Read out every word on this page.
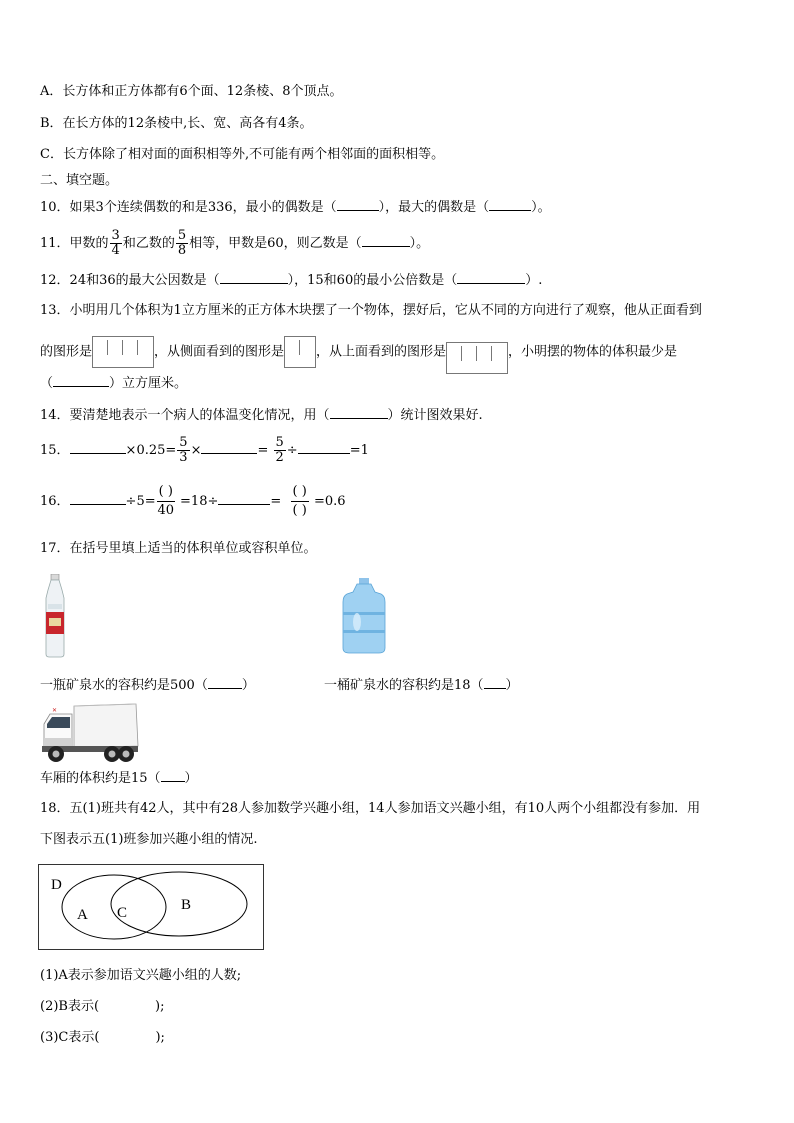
A．长方体和正方体都有6个面、12条棱、8个顶点。
B．在长方体的12条棱中,长、宽、高各有4条。
C．长方体除了相对面的面积相等外,不可能有两个相邻面的面积相等。
二、填空题。
10．如果3个连续偶数的和是336，最小的偶数是（	），最大的偶数是（	）。
11．甲数的 $\frac{3}{4}$ 和乙数的 $\frac{5}{8}$ 相等，甲数是60，则乙数是（	）。
12．24和36的最大公因数是（	），15和60的最小公倍数是（	）.
13．小明用几个体积为1立方厘米的正方体木块摆了一个物体，摆好后，它从不同的方向进行了观察，他从正面看到
的图形是	，从侧面看到的图形是 ，从上面看到的图形是	，小明摆的物体的体积最少是
（	）立方厘米。
14．要清楚地表示一个病人的体温变化情况，用（	）统计图效果好.
15．	$\times 0.25= \frac{5}{3}$ ×	= $\frac{5}{2}$ ÷	=1
16．	$\div 5= \frac{( )}{40} =18\div$	= $\frac{( )}{( )} =0.6$
17．在括号里填上适当的体积单位或容积单位。
一瓶矿泉水的容积约是500（	）	一桶矿泉水的容积约是18（ ）
✕
车厢的体积约是15（ ）
18．五(1)班共有42人，其中有28人参加数学兴趣小组，14人参加语文兴趣小组，有10人两个小组都没有参加．用
下图表示五(1)班参加兴趣小组的情况.
D
A C	B
(1)A表示参加语文兴趣小组的人数;
(2)B表示(	);
(3)C表示(	);
